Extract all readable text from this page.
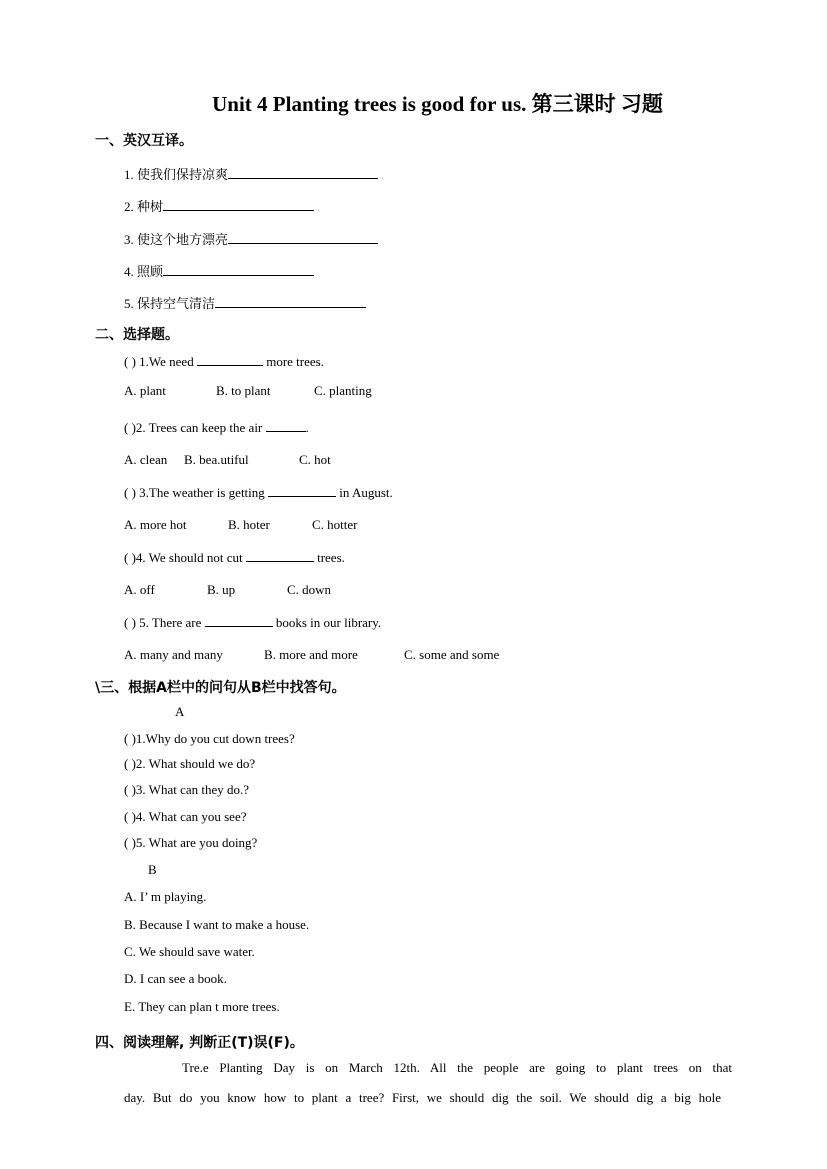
Unit 4 Planting trees is good for us. 第三课时 习题
一、英汉互译。
1. 使我们保持凉爽
2. 种树
3. 使这个地方漂亮
4. 照顾
5. 保持空气清洁
二、选择题。
( ) 1.We need	more trees.
A. plant	B. to plant	C. planting
( )2. Trees can keep the air	.
A. clean B. bea.utiful	C. hot
( ) 3.The weather is getting	in August.
A. more hot	B. hoter	C. hotter
( )4. We should not cut	trees.
A. off	B. up	C. down
( ) 5. There are	books in our library.
A. many and many	B. more and more	C. some and some
\三、根据A栏中的问句从B栏中找答句。
A
( )1.Why do you cut down trees?
( )2. What should we do?
( )3. What can they do.?
( )4. What can you see?
( )5. What are you doing?
B
A. I’ m playing.
B. Because I want to make a house.
C. We should save water.
D. I can see a book.
E. They can plan t more trees.
四、阅读理解, 判断正(T)误(F)。
Tre.e Planting Day is on March 12th. All the people are going to plant trees on that
day. But do you know how to plant a tree? First, we should dig the soil. We should dig a big hole
